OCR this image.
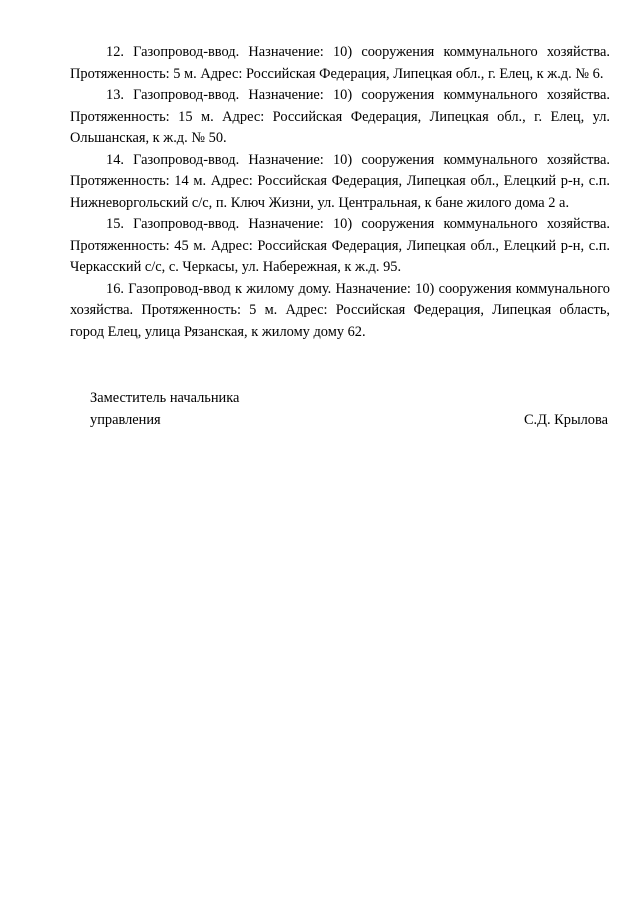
12. Газопровод-ввод. Назначение: 10) сооружения коммунального хозяйства. Протяженность: 5 м. Адрес: Российская Федерация, Липецкая обл., г. Елец, к ж.д. № 6.

13. Газопровод-ввод. Назначение: 10) сооружения коммунального хозяйства. Протяженность: 15 м. Адрес: Российская Федерация, Липецкая обл., г. Елец, ул. Ольшанская, к ж.д. № 50.

14. Газопровод-ввод. Назначение: 10) сооружения коммунального хозяйства. Протяженность: 14 м. Адрес: Российская Федерация, Липецкая обл., Елецкий р-н, с.п. Нижневоргольский с/с, п. Ключ Жизни, ул. Центральная, к бане жилого дома 2 а.

15. Газопровод-ввод. Назначение: 10) сооружения коммунального хозяйства. Протяженность: 45 м. Адрес: Российская Федерация, Липецкая обл., Елецкий р-н, с.п. Черкасский с/с, с. Черкасы, ул. Набережная, к ж.д. 95.

16. Газопровод-ввод к жилому дому. Назначение: 10) сооружения коммунального хозяйства. Протяженность: 5 м. Адрес: Российская Федерация, Липецкая область, город Елец, улица Рязанская, к жилому дому 62.

Заместитель начальника
управления	С.Д. Крылова
